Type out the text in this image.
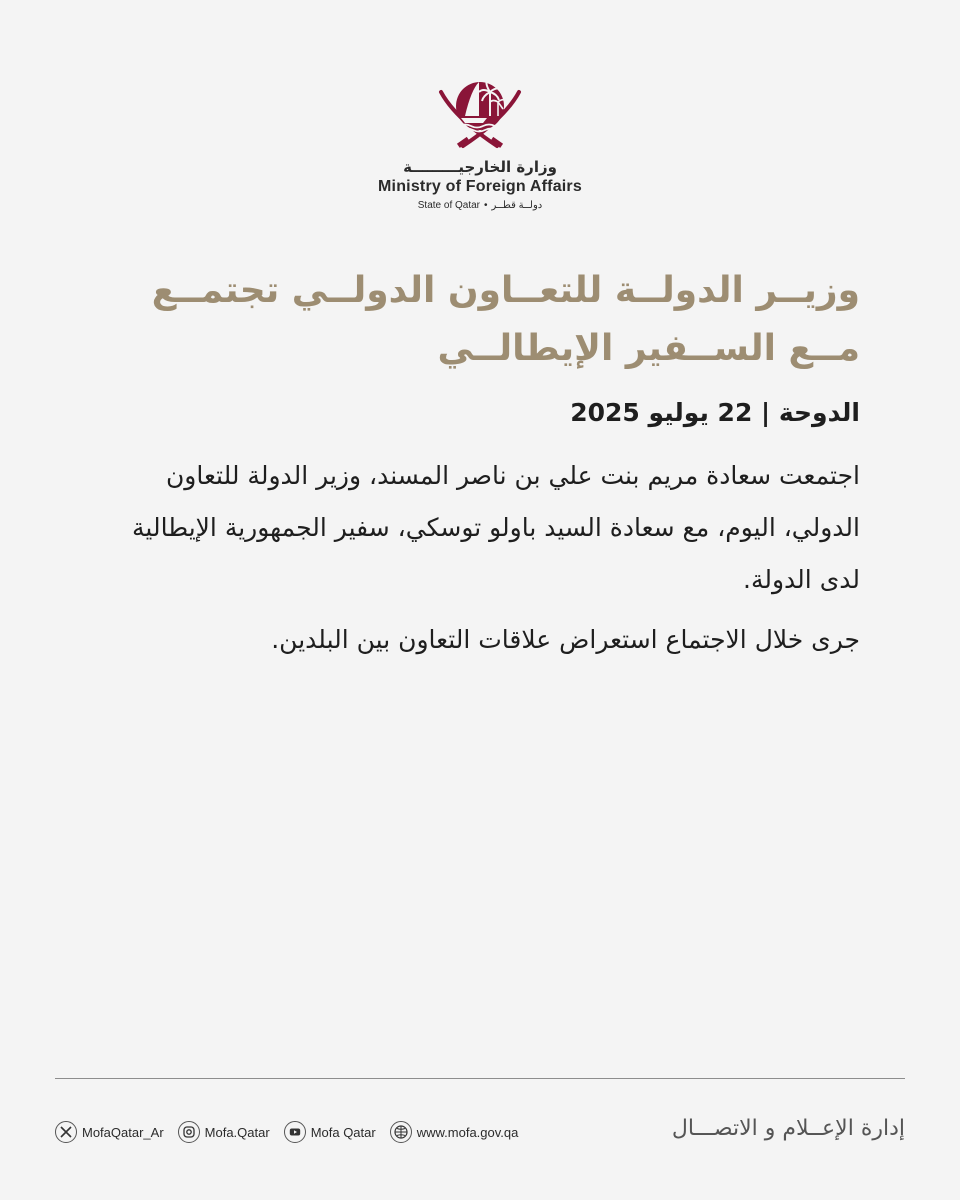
وزارة الخارجيـــــــــة
Ministry of Foreign Affairs
State of Qatar • دولــة قطــر
وزيــر الدولــة للتعــاون الدولــي تجتمــع مــع الســفير الإيطالــي

الدوحة | 22 يوليو 2025

اجتمعت سعادة مريم بنت علي بن ناصر المسند، وزير الدولة للتعاون الدولي، اليوم، مع سعادة السيد باولو توسكي، سفير الجمهورية الإيطالية لدى الدولة.

جرى خلال الاجتماع استعراض علاقات التعاون بين البلدين.

MofaQatar_Ar	Mofa.Qatar	Mofa Qatar	www.mofa.gov.qa	إدارة الإعــلام و الاتصـــال
